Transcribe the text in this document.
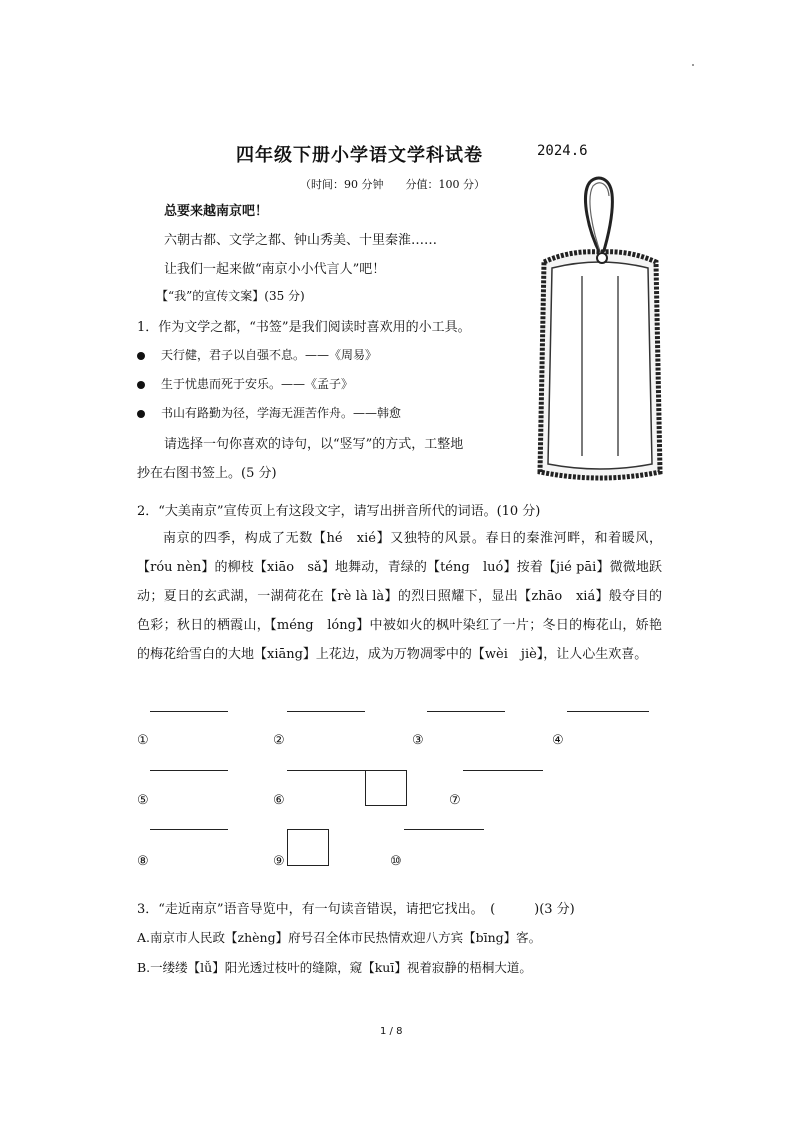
四年级下册小学语文学科试卷	2024.6
（时间：90 分钟　　分值：100 分）
总要来越南京吧！
六朝古都、文学之都、钟山秀美、十里秦淮……
让我们一起来做“南京小小代言人”吧！
【“我”的宣传文案】(35 分)
1．作为文学之都，“书签”是我们阅读时喜欢用的小工具。
天行健，君子以自强不息。——《周易》
生于忧患而死于安乐。——《孟子》
书山有路勤为径，学海无涯苦作舟。——韩愈
请选择一句你喜欢的诗句，以“竖写”的方式，工整地
抄在右图书签上。(5 分)
2．“大美南京”宣传页上有这段文字，请写出拼音所代的词语。(10 分)

南京的四季，构成了无数【hé　xié】又独特的风景。春日的秦淮河畔，和着暖风，【róu nèn】的柳枝【xiāo　sǎ】地舞动，青绿的【téng　luó】按着【jié pāi】微微地跃动；夏日的玄武湖，一湖荷花在【rè là là】的烈日照耀下，显出【zhāo　xiá】般夺目的色彩；秋日的栖霞山，【méng　lóng】中被如火的枫叶染红了一片；冬日的梅花山，娇艳的梅花给雪白的大地【xiāng】上花边，成为万物凋零中的【wèi　jiè】，让人心生欢喜。

①	②	③	④
⑤	⑥	⑦
⑧	⑨	⑩
3．“走近南京”语音导览中，有一句读音错误，请把它找出。　(　　　)(3 分)
A.南京市人民政【zhèng】府号召全体市民热情欢迎八方宾【bīng】客。
B.一缕缕【lǚ】阳光透过枝叶的缝隙，窥【kuī】视着寂静的梧桐大道。
1 / 8
